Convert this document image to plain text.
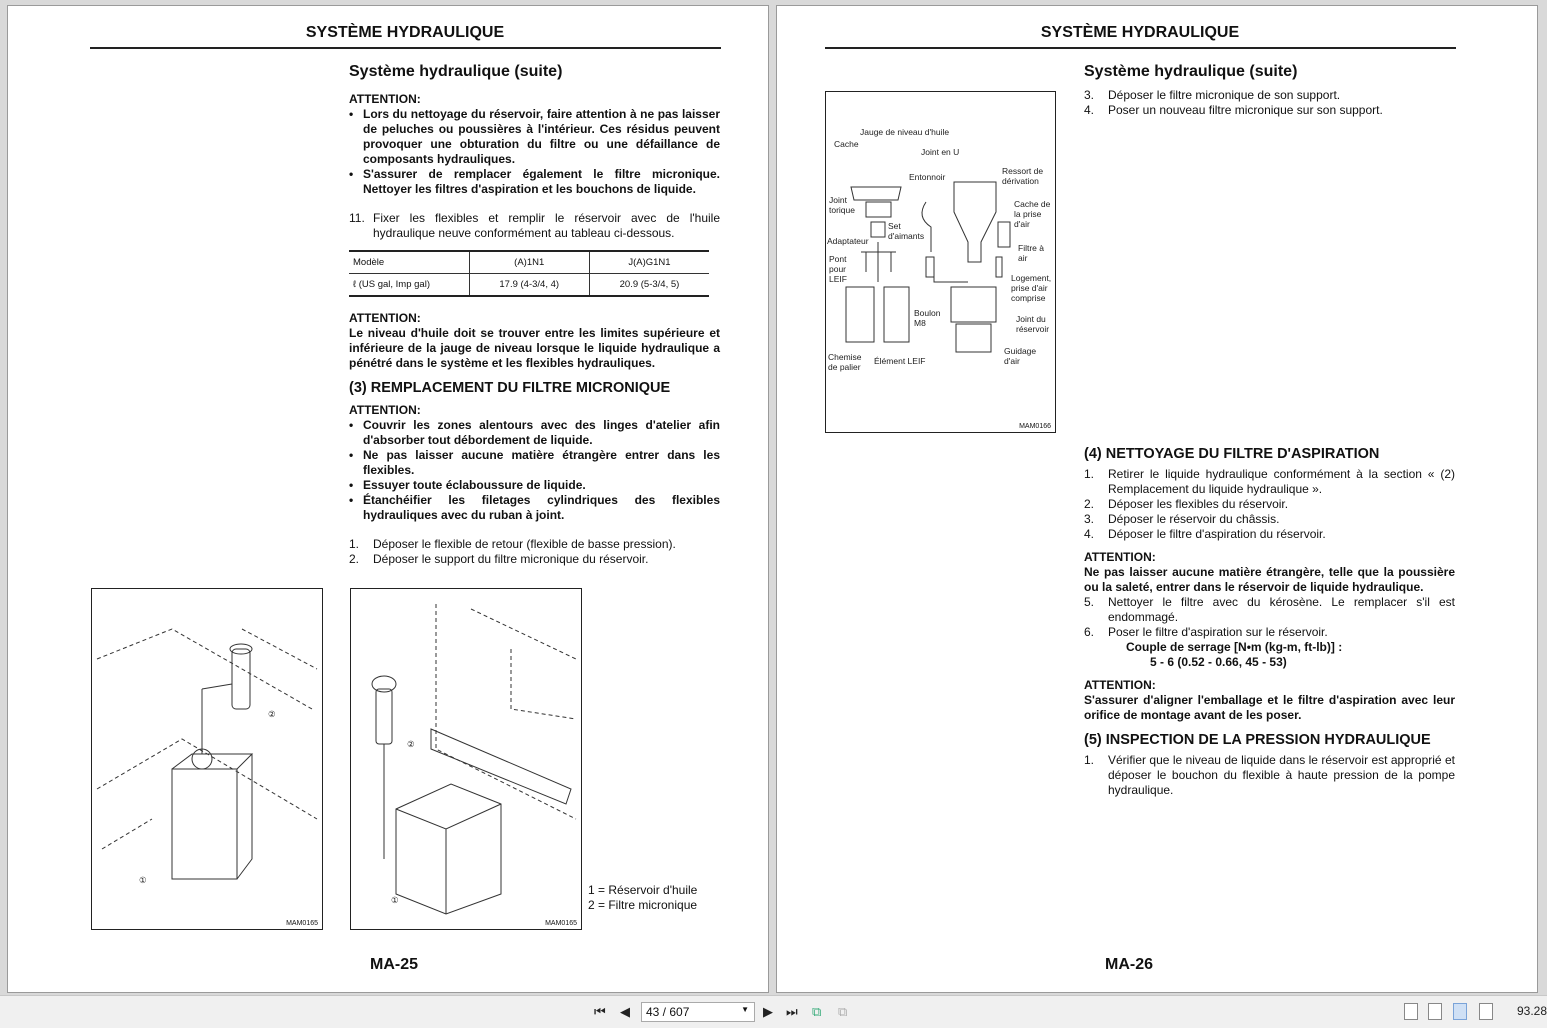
SYSTÈME HYDRAULIQUE
Système hydraulique (suite)
ATTENTION:
• Lors du nettoyage du réservoir, faire attention à ne pas laisser de peluches ou poussières à l'intérieur. Ces résidus peuvent provoquer une obturation du filtre ou une défaillance de composants hydrauliques.
• S'assurer de remplacer également le filtre micronique. Nettoyer les filtres d'aspiration et les bouchons de liquide.
11. Fixer les flexibles et remplir le réservoir avec de l'huile hydraulique neuve conformément au tableau ci-dessous.
Modèle	(A)1N1	J(A)G1N1
ℓ (US gal, Imp gal)	17.9 (4-3/4, 4)	20.9 (5-3/4, 5)
ATTENTION:
Le niveau d'huile doit se trouver entre les limites supérieure et inférieure de la jauge de niveau lorsque le liquide hydraulique a pénétré dans le système et les flexibles hydrauliques.
(3) REMPLACEMENT DU FILTRE MICRONIQUE
ATTENTION:
• Couvrir les zones alentours avec des linges d'atelier afin d'absorber tout débordement de liquide.
• Ne pas laisser aucune matière étrangère entrer dans les flexibles.
• Essuyer toute éclaboussure de liquide.
• Étanchéifier les filetages cylindriques des flexibles hydrauliques avec du ruban à joint.
1.	Déposer le flexible de retour (flexible de basse pression).
2.	Déposer le support du filtre micronique du réservoir.
①
②
MAM0165
①
②
MAM0165
1 = Réservoir d'huile
2 = Filtre micronique
MA-25
SYSTÈME HYDRAULIQUE
Système hydraulique (suite)
3.	Déposer le filtre micronique de son support.
4.	Poser un nouveau filtre micronique sur son support.
Jauge de niveau d'huile
Cache
Joint en U
Entonnoir
Ressort de dérivation
Joint torique
Set d'aimants
Cache de la prise d'air
Adaptateur
Filtre à air
Pont pour LEIF	Logement, prise d'air comprise
Boulon M8	Joint du réservoir
Chemise de palier
Élément LEIF
Guidage d'air
MAM0166
(4) NETTOYAGE DU FILTRE D'ASPIRATION
1.	Retirer le liquide hydraulique conformément à la section « (2) Remplacement du liquide hydraulique ».
2.	Déposer les flexibles du réservoir.
3.	Déposer le réservoir du châssis.
4.	Déposer le filtre d'aspiration du réservoir.
ATTENTION:
Ne pas laisser aucune matière étrangère, telle que la poussière ou la saleté, entrer dans le réservoir de liquide hydraulique.
5.	Nettoyer le filtre avec du kérosène. Le remplacer s'il est endommagé.
6.	Poser le filtre d'aspiration sur le réservoir.
Couple de serrage [N•m (kg-m, ft-lb)] :
5 - 6 (0.52 - 0.66, 45 - 53)
ATTENTION:
S'assurer d'aligner l'emballage et le filtre d'aspiration avec leur orifice de montage avant de les poser.
(5) INSPECTION DE LA PRESSION HYDRAULIQUE
1.	Vérifier que le niveau de liquide dans le réservoir est approprié et déposer le bouchon du flexible à haute pression de la pompe hydraulique.
MA-26
⏮ ◀	43 / 607	▼ ▶ ⏭ ⧉ ⧉	93.28
